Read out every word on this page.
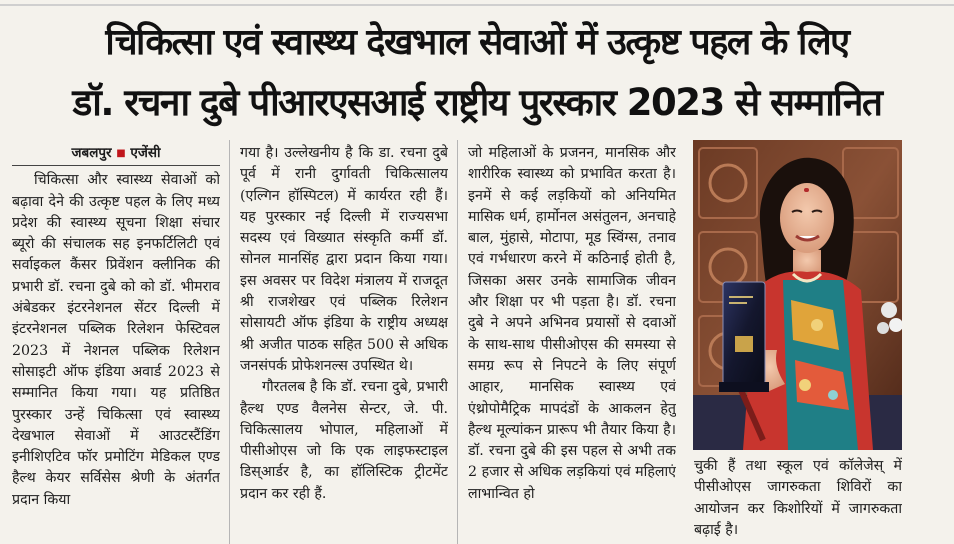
चिकित्सा एवं स्वास्थ्य देखभाल सेवाओं में उत्कृष्ट पहल के लिए
डॉ. रचना दुबे पीआरएसआई राष्ट्रीय पुरस्कार 2023 से सम्मानित
जबलपुर ■ एजेंसी

चिकित्सा और स्वास्थ्य सेवाओं को बढ़ावा देने की उत्कृष्ट पहल के लिए मध्य प्रदेश की स्वास्थ्य सूचना शिक्षा संचार ब्यूरो की संचालक सह इनफर्टिलिटी एवं सर्वाइकल कैंसर प्रिवेंशन क्लीनिक की प्रभारी डॉ. रचना दुबे को को डॉ. भीमराव अंबेडकर इंटरनेशनल सेंटर दिल्ली में इंटरनेशनल पब्लिक रिलेशन फेस्टिवल 2023 में नेशनल पब्लिक रिलेशन सोसाइटी ऑफ इंडिया अवार्ड 2023 से सम्मानित किया गया। यह प्रतिष्ठित पुरस्कार उन्हें चिकित्सा एवं स्वास्थ्य देखभाल सेवाओं में आउटस्टैंडिंग इनीशिएटिव फॉर प्रमोटिंग मेडिकल एण्ड हैल्थ केयर सर्विसेस श्रेणी के अंतर्गत प्रदान किया

गया है। उल्लेखनीय है कि डा. रचना दुबे पूर्व में रानी दुर्गावती चिकित्सालय (एल्गिन हॉस्पिटल) में कार्यरत रही हैं। यह पुरस्कार नई दिल्ली में राज्यसभा सदस्य एवं विख्यात संस्कृति कर्मी डॉ. सोनल मानसिंह द्वारा प्रदान किया गया। इस अवसर पर विदेश मंत्रालय में राजदूत श्री राजशेखर एवं पब्लिक रिलेशन सोसायटी ऑफ इंडिया के राष्ट्रीय अध्यक्ष श्री अजीत पाठक सहित 500 से अधिक जनसंपर्क प्रोफेशनल्स उपस्थित थे।

गौरतलब है कि डॉ. रचना दुबे, प्रभारी हैल्थ एण्ड वैलनेस सेन्टर, जे. पी. चिकित्सालय भोपाल, महिलाओं में पीसीओएस जो कि एक लाइफस्टाइल डिस्आर्डर है, का हॉलिस्टिक ट्रीटमेंट प्रदान कर रही हैं.

जो महिलाओं के प्रजनन, मानसिक और शारीरिक स्वास्थ्य को प्रभावित करता है। इनमें से कई लड़कियों को अनियमित मासिक धर्म, हार्मोनल असंतुलन, अनचाहे बाल, मुंहासे, मोटापा, मूड स्विंग्स, तनाव एवं गर्भधारण करने में कठिनाई होती है, जिसका असर उनके सामाजिक जीवन और शिक्षा पर भी पड़ता है। डॉ. रचना दुबे ने अपने अभिनव प्रयासों से दवाओं के साथ-साथ पीसीओएस की समस्या से समग्र रूप से निपटने के लिए संपूर्ण आहार, मानसिक स्वास्थ्य एवं एंथ्रोपोमैट्रिक मापदंडों के आकलन हेतु हैल्थ मूल्यांकन प्रारूप भी तैयार किया है। डॉ. रचना दुबे की इस पहल से अभी तक 2 हजार से अधिक लड़कियां एवं महिलाएं लाभान्वित हो

चुकी हैं तथा स्कूल एवं कॉलेजेस् में पीसीओएस जागरुकता शिविरों का आयोजन कर किशोरियों में जागरुकता बढ़ाई है।
